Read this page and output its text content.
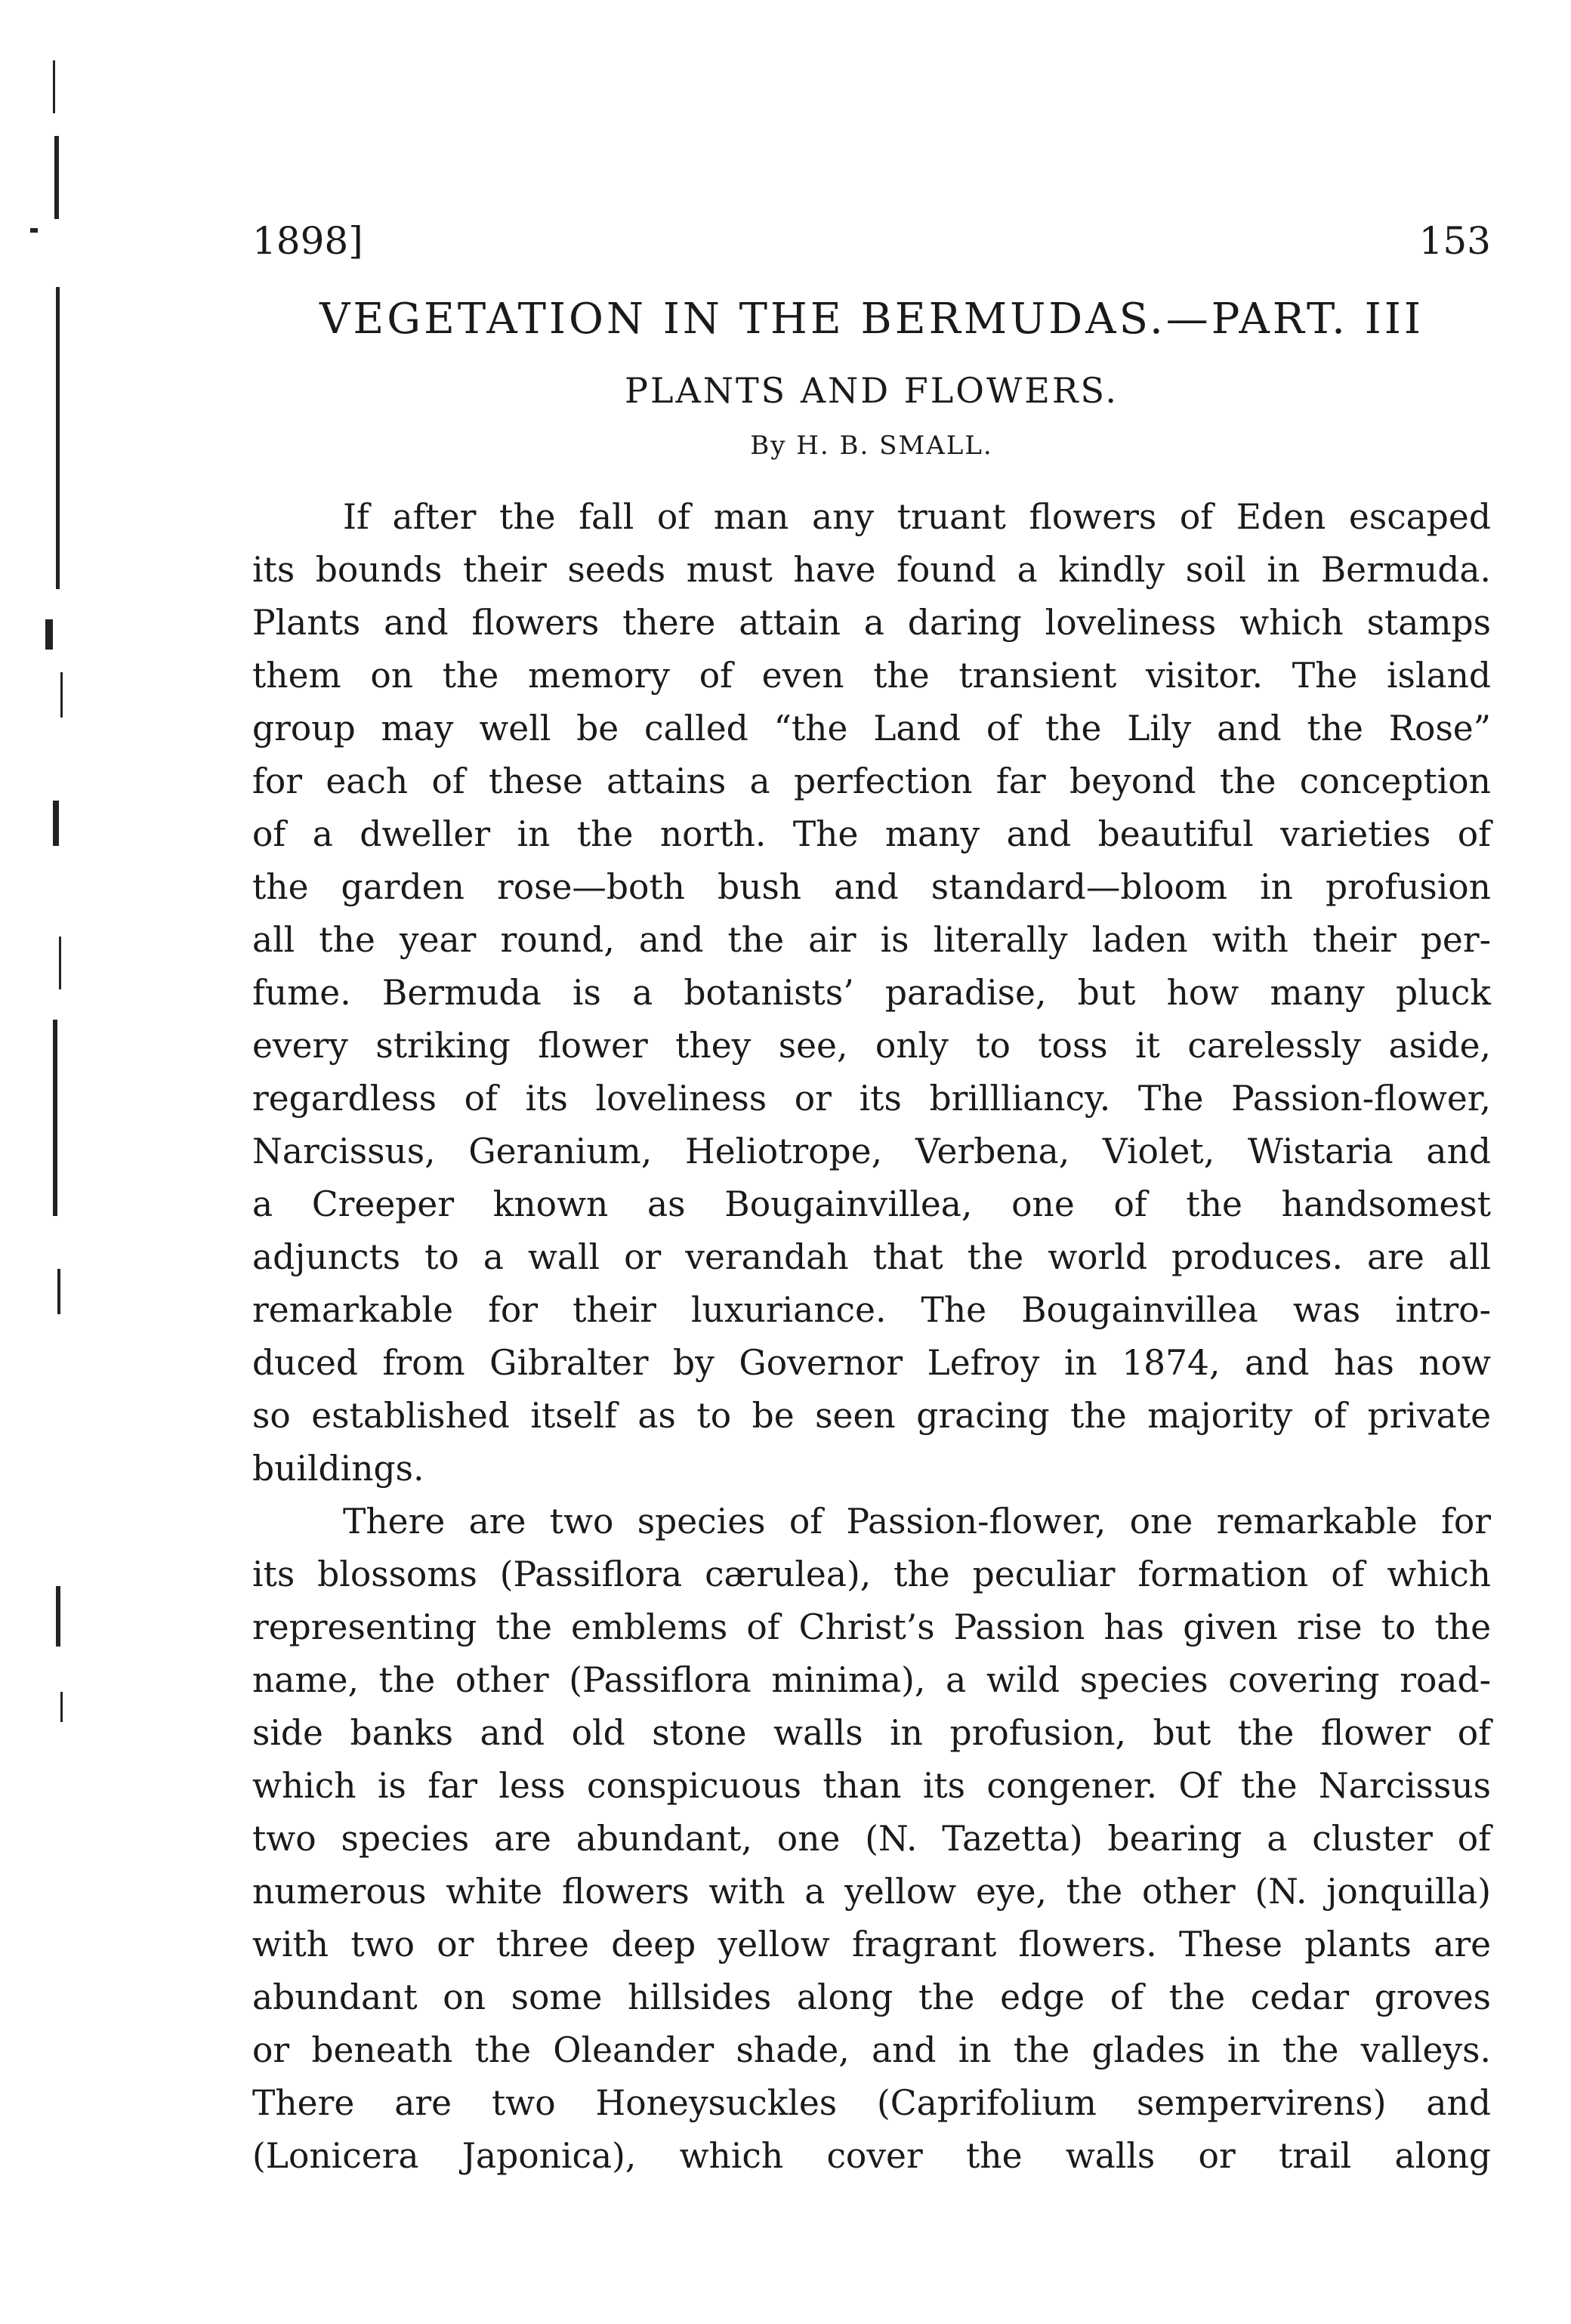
1898]	153
VEGETATION IN THE BERMUDAS.—PART. III
PLANTS AND FLOWERS.
By H. B. SMALL.

If after the fall of man any truant flowers of Eden escaped
its bounds their seeds must have found a kindly soil in Bermuda.
Plants and flowers there attain a daring loveliness which stamps
them on the memory of even the transient visitor. The island
group may well be called “the Land of the Lily and the Rose”
for each of these attains a perfection far beyond the conception
of a dweller in the north. The many and beautiful varieties of
the garden rose—both bush and standard—bloom in profusion
all the year round, and the air is literally laden with their per-
fume. Bermuda is a botanists’ paradise, but how many pluck
every striking flower they see, only to toss it carelessly aside,
regardless of its loveliness or its brillliancy. The Passion-flower,
Narcissus, Geranium, Heliotrope, Verbena, Violet, Wistaria and
a Creeper known as Bougainvillea, one of the handsomest
adjuncts to a wall or verandah that the world produces. are all
remarkable for their luxuriance. The Bougainvillea was intro-
duced from Gibralter by Governor Lefroy in 1874, and has now
so established itself as to be seen gracing the majority of private
buildings.

There are two species of Passion-flower, one remarkable for
its blossoms (Passiflora cærulea), the peculiar formation of which
representing the emblems of Christ’s Passion has given rise to the
name, the other (Passiflora minima), a wild species covering road-
side banks and old stone walls in profusion, but the flower of
which is far less conspicuous than its congener. Of the Narcissus
two species are abundant, one (N. Tazetta) bearing a cluster of
numerous white flowers with a yellow eye, the other (N. jonquilla)
with two or three deep yellow fragrant flowers. These plants are
abundant on some hillsides along the edge of the cedar groves
or beneath the Oleander shade, and in the glades in the valleys.
There are two Honeysuckles (Caprifolium sempervirens) and
(Lonicera Japonica), which cover the walls or trail along
